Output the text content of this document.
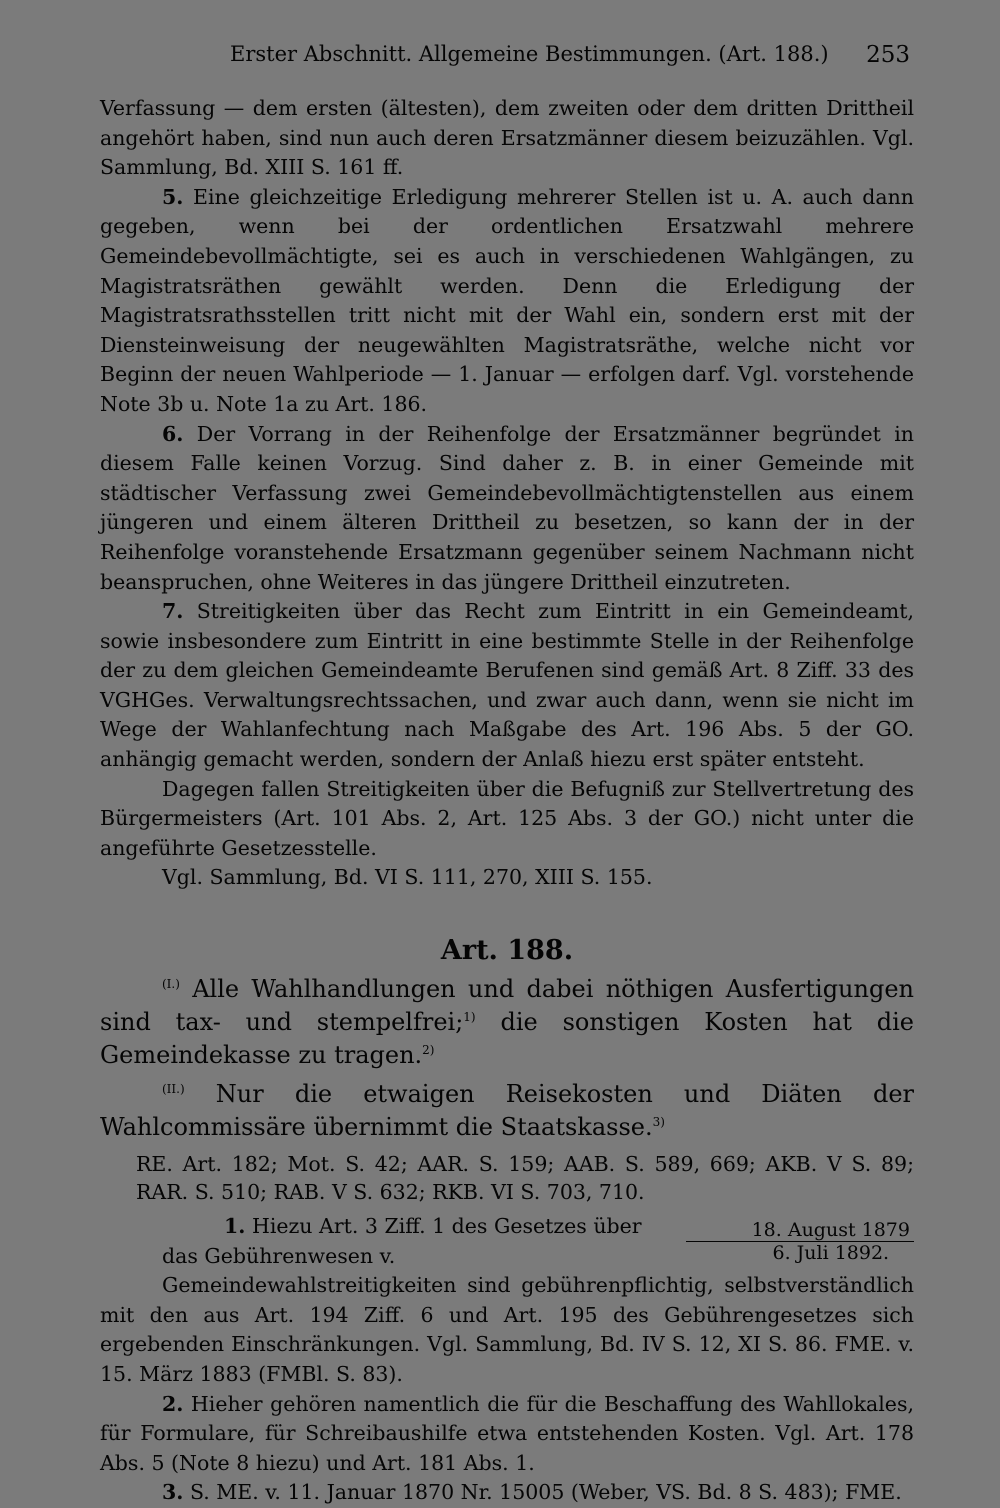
Erster Abschnitt. Allgemeine Bestimmungen. (Art. 188.) 253

Verfassung — dem ersten (ältesten), dem zweiten oder dem dritten Drittheil angehört haben, sind nun auch deren Ersatzmänner diesem beizuzählen. Vgl. Sammlung, Bd. XIII S. 161 ff.

5. Eine gleichzeitige Erledigung mehrerer Stellen ist u. A. auch dann gegeben, wenn bei der ordentlichen Ersatzwahl mehrere Gemeindebevollmächtigte, sei es auch in verschiedenen Wahlgängen, zu Magistratsräthen gewählt werden. Denn die Erledigung der Magistratsrathsstellen tritt nicht mit der Wahl ein, sondern erst mit der Diensteinweisung der neugewählten Magistratsräthe, welche nicht vor Beginn der neuen Wahlperiode — 1. Januar — erfolgen darf. Vgl. vorstehende Note 3b u. Note 1a zu Art. 186.

6. Der Vorrang in der Reihenfolge der Ersatzmänner begründet in diesem Falle keinen Vorzug. Sind daher z. B. in einer Gemeinde mit städtischer Verfassung zwei Gemeindebevollmächtigtenstellen aus einem jüngeren und einem älteren Drittheil zu besetzen, so kann der in der Reihenfolge voranstehende Ersatzmann gegenüber seinem Nachmann nicht beanspruchen, ohne Weiteres in das jüngere Drittheil einzutreten.

7. Streitigkeiten über das Recht zum Eintritt in ein Gemeindeamt, sowie insbesondere zum Eintritt in eine bestimmte Stelle in der Reihenfolge der zu dem gleichen Gemeindeamte Berufenen sind gemäß Art. 8 Ziff. 33 des VGHGes. Verwaltungsrechtssachen, und zwar auch dann, wenn sie nicht im Wege der Wahlanfechtung nach Maßgabe des Art. 196 Abs. 5 der GO. anhängig gemacht werden, sondern der Anlaß hiezu erst später entsteht.

Dagegen fallen Streitigkeiten über die Befugniß zur Stellvertretung des Bürgermeisters (Art. 101 Abs. 2, Art. 125 Abs. 3 der GO.) nicht unter die angeführte Gesetzesstelle.

Vgl. Sammlung, Bd. VI S. 111, 270, XIII S. 155.

Art. 188.

$^{(I.)}$ Alle Wahlhandlungen und dabei nöthigen Ausfertigungen sind tax- und stempelfrei;$^{1)}$ die sonstigen Kosten hat die Gemeindekasse zu tragen.$^{2)}$

$^{(II.)}$ Nur die etwaigen Reisekosten und Diäten der Wahlcommissäre übernimmt die Staatskasse.$^{3)}$

RE. Art. 182; Mot. S. 42; AAR. S. 159; AAB. S. 589, 669; AKB. V S. 89; RAR. S. 510; RAB. V S. 632; RKB. VI S. 703, 710.

1. Hiezu Art. 3 Ziff. 1 des Gesetzes über das Gebührenwesen v.	$\frac{\text{18. August 1879}}{\text{6. Juli 1892.}}$

Gemeindewahlstreitigkeiten sind gebührenpflichtig, selbstverständlich mit den aus Art. 194 Ziff. 6 und Art. 195 des Gebührengesetzes sich ergebenden Einschränkungen. Vgl. Sammlung, Bd. IV S. 12, XI S. 86. FME. v. 15. März 1883 (FMBl. S. 83).

2. Hieher gehören namentlich die für die Beschaffung des Wahllokales, für Formulare, für Schreibaushilfe etwa entstehenden Kosten. Vgl. Art. 178 Abs. 5 (Note 8 hiezu) und Art. 181 Abs. 1.

3. S. ME. v. 11. Januar 1870 Nr. 15005 (Weber, VS. Bd. 8 S. 483); FME.
